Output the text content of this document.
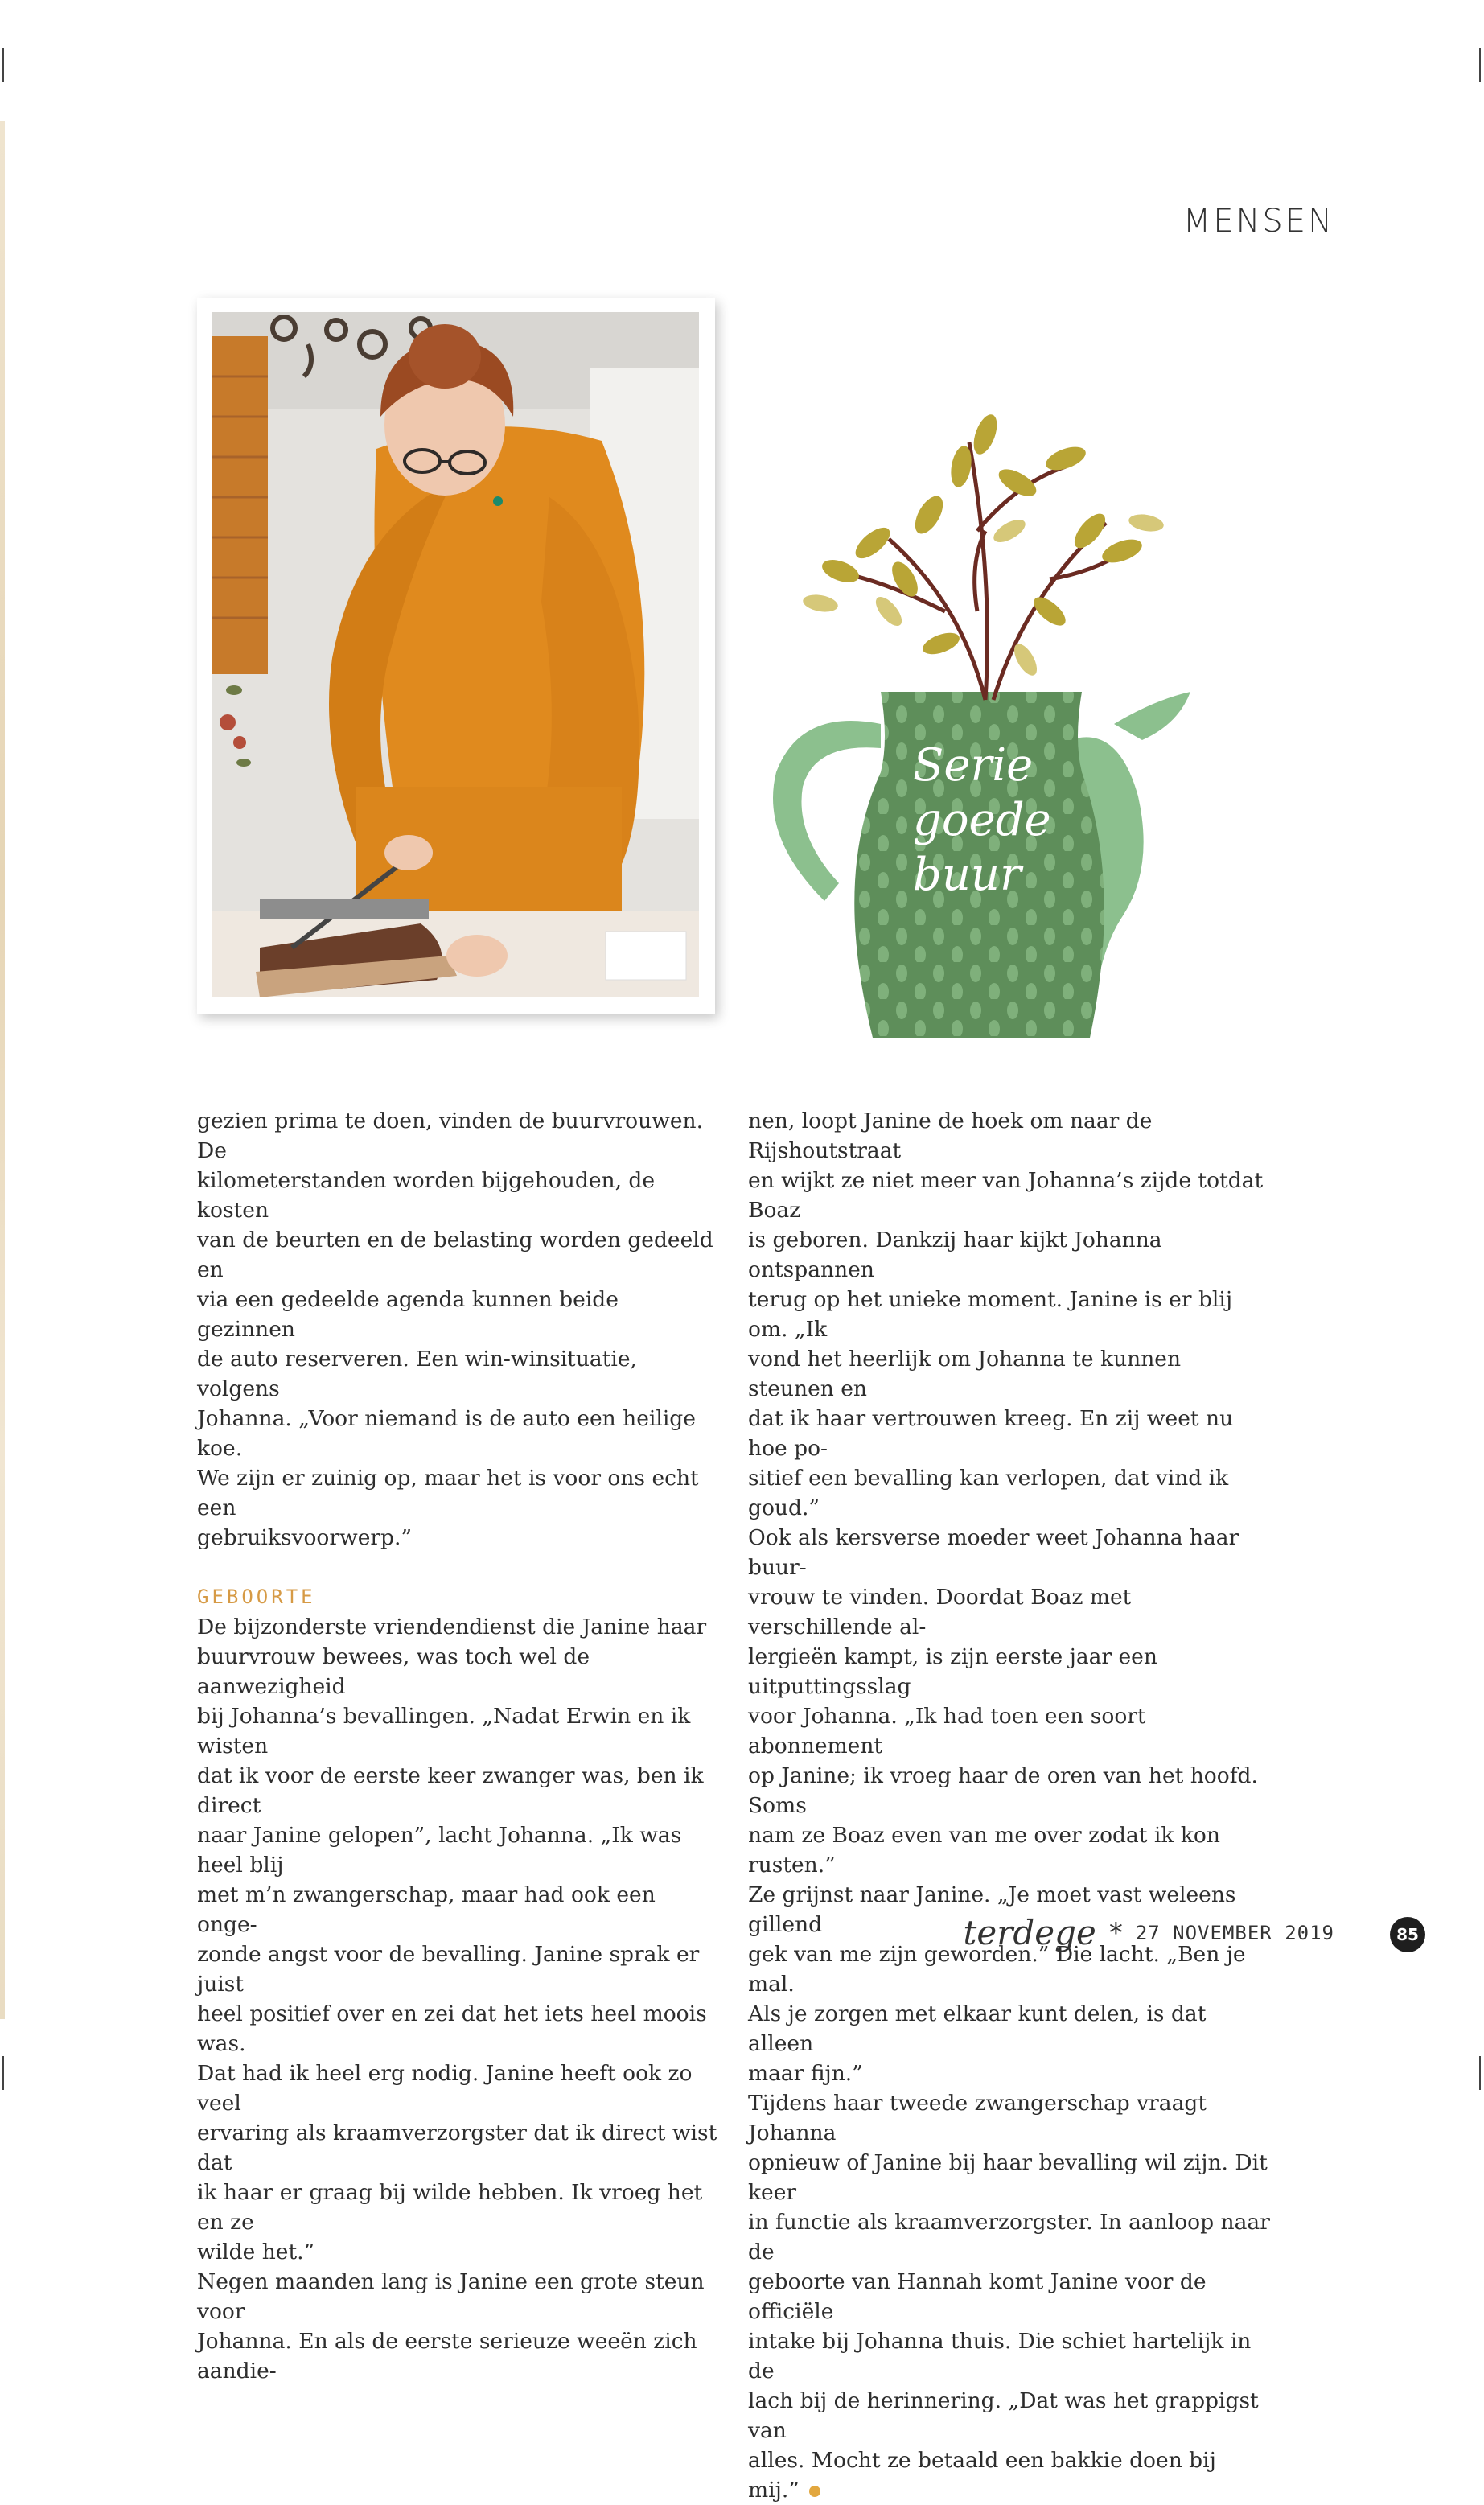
MENSEN
Serie
goede
buur

gezien prima te doen, vinden de buurvrouwen. De
kilometerstanden worden bijgehouden, de kosten
van de beurten en de belasting worden gedeeld en
via een gedeelde agenda kunnen beide gezinnen
de auto reserveren. Een win-winsituatie, volgens
Johanna. „Voor niemand is de auto een heilige koe.
We zijn er zuinig op, maar het is voor ons echt een
gebruiksvoorwerp.”

GEBOORTE

De bijzonderste vriendendienst die Janine haar
buurvrouw bewees, was toch wel de aanwezigheid
bij Johanna’s bevallingen. „Nadat Erwin en ik wisten
dat ik voor de eerste keer zwanger was, ben ik direct
naar Janine gelopen”, lacht Johanna. „Ik was heel blij
met m’n zwangerschap, maar had ook een onge-
zonde angst voor de bevalling. Janine sprak er juist
heel positief over en zei dat het iets heel moois was.
Dat had ik heel erg nodig. Janine heeft ook zo veel
ervaring als kraamverzorgster dat ik direct wist dat
ik haar er graag bij wilde hebben. Ik vroeg het en ze
wilde het.”

Negen maanden lang is Janine een grote steun voor
Johanna. En als de eerste serieuze weeën zich aandie-

nen, loopt Janine de hoek om naar de Rijshoutstraat
en wijkt ze niet meer van Johanna’s zijde totdat Boaz
is geboren. Dankzij haar kijkt Johanna ontspannen
terug op het unieke moment. Janine is er blij om. „Ik
vond het heerlijk om Johanna te kunnen steunen en
dat ik haar vertrouwen kreeg. En zij weet nu hoe po-
sitief een bevalling kan verlopen, dat vind ik goud.”
Ook als kersverse moeder weet Johanna haar buur-
vrouw te vinden. Doordat Boaz met verschillende al-
lergieën kampt, is zijn eerste jaar een uitputtingsslag
voor Johanna. „Ik had toen een soort abonnement
op Janine; ik vroeg haar de oren van het hoofd. Soms
nam ze Boaz even van me over zodat ik kon rusten.”
Ze grijnst naar Janine. „Je moet vast weleens gillend
gek van me zijn geworden.” Die lacht. „Ben je mal.
Als je zorgen met elkaar kunt delen, is dat alleen
maar fijn.”

Tijdens haar tweede zwangerschap vraagt Johanna
opnieuw of Janine bij haar bevalling wil zijn. Dit keer
in functie als kraamverzorgster. In aanloop naar de
geboorte van Hannah komt Janine voor de officiële
intake bij Johanna thuis. Die schiet hartelijk in de
lach bij de herinnering. „Dat was het grappigst van
alles. Mocht ze betaald een bakkie doen bij mij.”

terdege * 27 NOVEMBER 2019	85
